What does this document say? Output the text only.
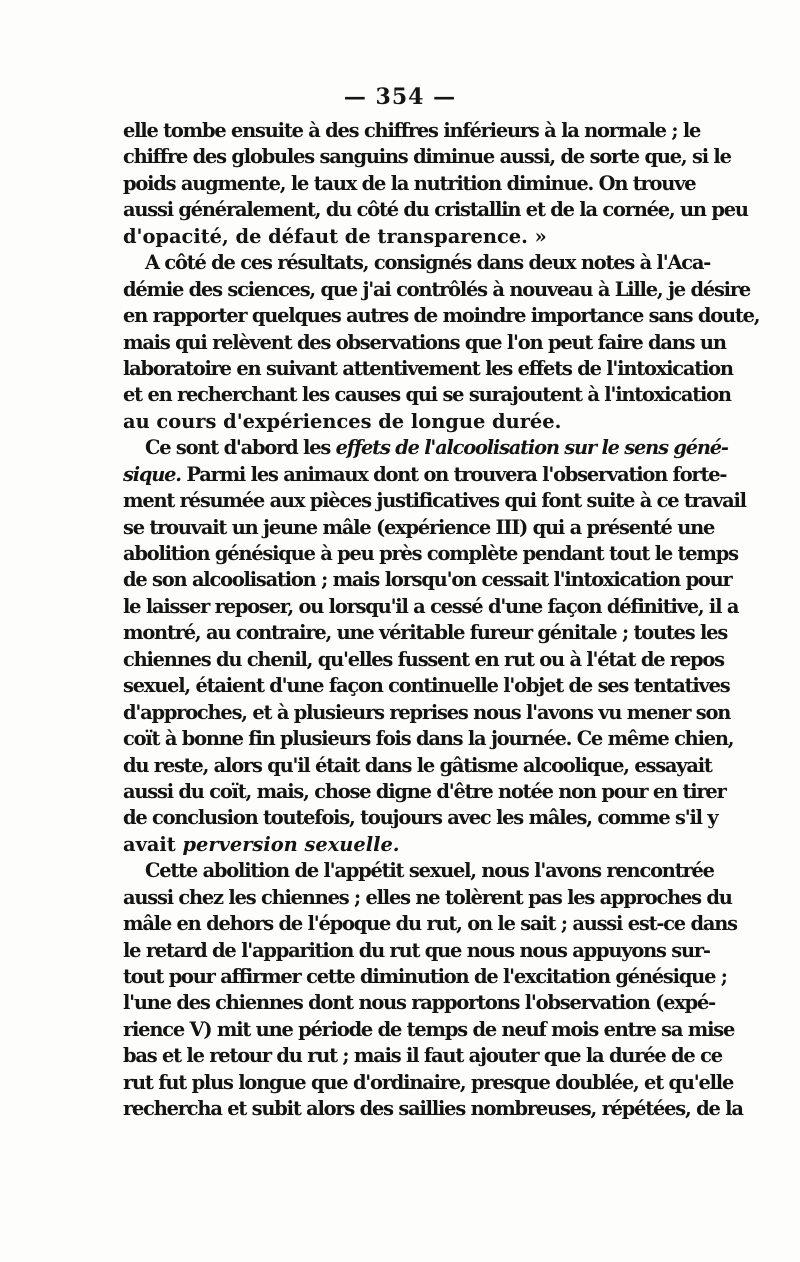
— 354 —
elle tombe ensuite à des chiffres inférieurs à la normale ; le
chiffre des globules sanguins diminue aussi, de sorte que, si le
poids augmente, le taux de la nutrition diminue. On trouve
aussi généralement, du côté du cristallin et de la cornée, un peu
d'opacité, de défaut de transparence. »
A côté de ces résultats, consignés dans deux notes à l'Aca-
démie des sciences, que j'ai contrôlés à nouveau à Lille, je désire
en rapporter quelques autres de moindre importance sans doute,
mais qui relèvent des observations que l'on peut faire dans un
laboratoire en suivant attentivement les effets de l'intoxication
et en recherchant les causes qui se surajoutent à l'intoxication
au cours d'expériences de longue durée.
Ce sont d'abord les effets de l'alcoolisation sur le sens géné-
sique. Parmi les animaux dont on trouvera l'observation forte-
ment résumée aux pièces justificatives qui font suite à ce travail
se trouvait un jeune mâle (expérience III) qui a présenté une
abolition génésique à peu près complète pendant tout le temps
de son alcoolisation ; mais lorsqu'on cessait l'intoxication pour
le laisser reposer, ou lorsqu'il a cessé d'une façon définitive, il a
montré, au contraire, une véritable fureur génitale ; toutes les
chiennes du chenil, qu'elles fussent en rut ou à l'état de repos
sexuel, étaient d'une façon continuelle l'objet de ses tentatives
d'approches, et à plusieurs reprises nous l'avons vu mener son
coït à bonne fin plusieurs fois dans la journée. Ce même chien,
du reste, alors qu'il était dans le gâtisme alcoolique, essayait
aussi du coït, mais, chose digne d'être notée non pour en tirer
de conclusion toutefois, toujours avec les mâles, comme s'il y
avait perversion sexuelle.
Cette abolition de l'appétit sexuel, nous l'avons rencontrée
aussi chez les chiennes ; elles ne tolèrent pas les approches du
mâle en dehors de l'époque du rut, on le sait ; aussi est-ce dans
le retard de l'apparition du rut que nous nous appuyons sur-
tout pour affirmer cette diminution de l'excitation génésique ;
l'une des chiennes dont nous rapportons l'observation (expé-
rience V) mit une période de temps de neuf mois entre sa mise
bas et le retour du rut ; mais il faut ajouter que la durée de ce
rut fut plus longue que d'ordinaire, presque doublée, et qu'elle
rechercha et subit alors des saillies nombreuses, répétées, de la
